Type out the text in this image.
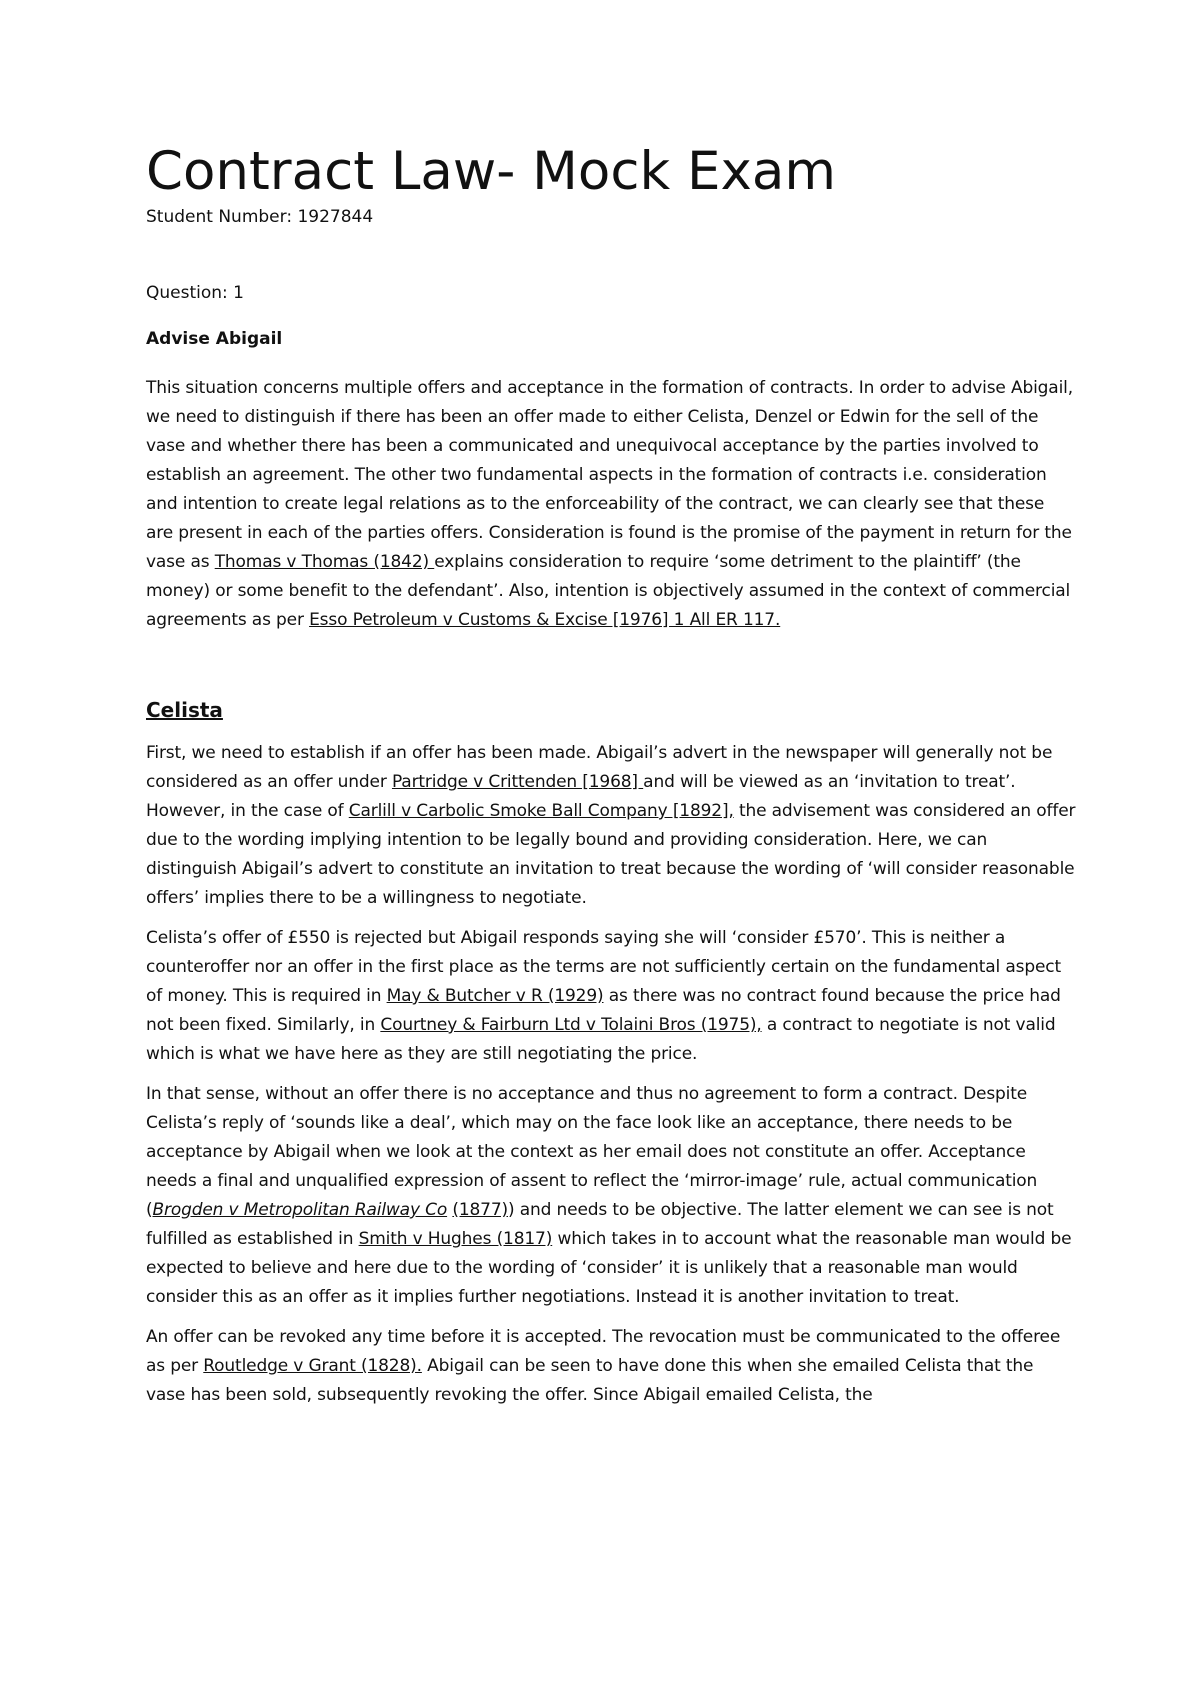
Contract Law- Mock Exam

Student Number: 1927844

Question: 1

Advise Abigail

This situation concerns multiple offers and acceptance in the formation of contracts. In order to advise Abigail, we need to distinguish if there has been an offer made to either Celista, Denzel or Edwin for the sell of the vase and whether there has been a communicated and unequivocal acceptance by the parties involved to establish an agreement. The other two fundamental aspects in the formation of contracts i.e. consideration and intention to create legal relations as to the enforceability of the contract, we can clearly see that these are present in each of the parties offers. Consideration is found is the promise of the payment in return for the vase as Thomas v Thomas (1842) explains consideration to require ‘some detriment to the plaintiff’ (the money) or some benefit to the defendant’. Also, intention is objectively assumed in the context of commercial agreements as per Esso Petroleum v Customs & Excise [1976] 1 All ER 117.

Celista

First, we need to establish if an offer has been made. Abigail’s advert in the newspaper will generally not be considered as an offer under Partridge v Crittenden [1968] and will be viewed as an ‘invitation to treat’. However, in the case of Carlill v Carbolic Smoke Ball Company [1892], the advisement was considered an offer due to the wording implying intention to be legally bound and providing consideration. Here, we can distinguish Abigail’s advert to constitute an invitation to treat because the wording of ‘will consider reasonable offers’ implies there to be a willingness to negotiate.

Celista’s offer of £550 is rejected but Abigail responds saying she will ‘consider £570’. This is neither a counteroffer nor an offer in the first place as the terms are not sufficiently certain on the fundamental aspect of money. This is required in May & Butcher v R (1929) as there was no contract found because the price had not been fixed. Similarly, in Courtney & Fairburn Ltd v Tolaini Bros (1975), a contract to negotiate is not valid which is what we have here as they are still negotiating the price.

In that sense, without an offer there is no acceptance and thus no agreement to form a contract. Despite Celista’s reply of ‘sounds like a deal’, which may on the face look like an acceptance, there needs to be acceptance by Abigail when we look at the context as her email does not constitute an offer. Acceptance needs a final and unqualified expression of assent to reflect the ‘mirror-image’ rule, actual communication (Brogden v Metropolitan Railway Co (1877)) and needs to be objective. The latter element we can see is not fulfilled as established in Smith v Hughes (1817) which takes in to account what the reasonable man would be expected to believe and here due to the wording of ‘consider’ it is unlikely that a reasonable man would consider this as an offer as it implies further negotiations. Instead it is another invitation to treat.

An offer can be revoked any time before it is accepted. The revocation must be communicated to the offeree as per Routledge v Grant (1828). Abigail can be seen to have done this when she emailed Celista that the vase has been sold, subsequently revoking the offer. Since Abigail emailed Celista, the
